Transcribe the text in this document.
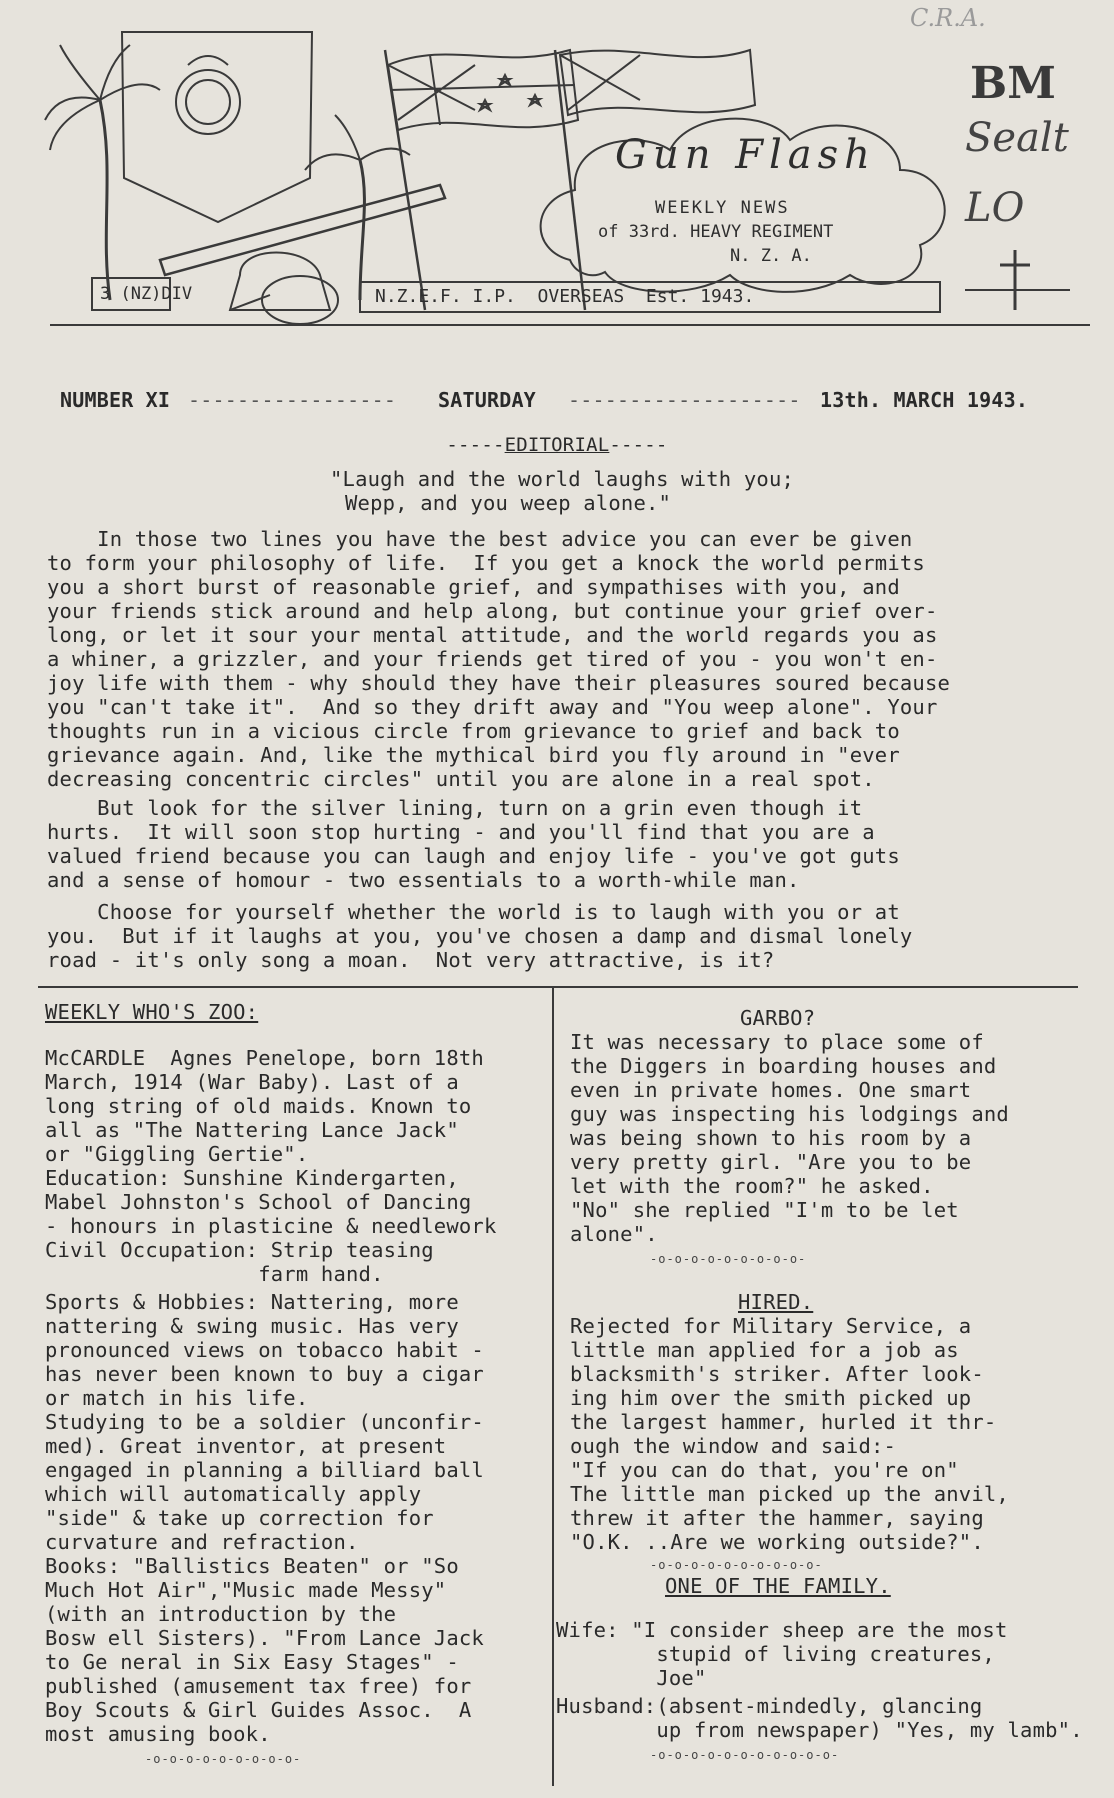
Gun Flash
WEEKLY NEWS
of 33rd. HEAVY REGIMENT
N. Z. A.
3 (NZ)DIV	N.Z.E.F. I.P.  OVERSEAS  Est. 1943.
C.R.A.
BM
Sealt
LO
NUMBER XI ----------------- SATURDAY ------------------- 13th. MARCH 1943.
-----EDITORIAL-----
"Laugh and the world laughs with you;
Wepp, and you weep alone."
In those two lines you have the best advice you can ever be given
to form your philosophy of life.  If you get a knock the world permits
you a short burst of reasonable grief, and sympathises with you, and
your friends stick around and help along, but continue your grief over-
long, or let it sour your mental attitude, and the world regards you as
a whiner, a grizzler, and your friends get tired of you - you won't en-
joy life with them - why should they have their pleasures soured because
you "can't take it".  And so they drift away and "You weep alone". Your
thoughts run in a vicious circle from grievance to grief and back to
grievance again. And, like the mythical bird you fly around in "ever
decreasing concentric circles" until you are alone in a real spot.
But look for the silver lining, turn on a grin even though it
hurts.  It will soon stop hurting - and you'll find that you are a
valued friend because you can laugh and enjoy life - you've got guts
and a sense of homour - two essentials to a worth-while man.
Choose for yourself whether the world is to laugh with you or at
you.  But if it laughs at you, you've chosen a damp and dismal lonely
road - it's only song a moan.  Not very attractive, is it?
WEEKLY WHO'S ZOO:
McCARDLE  Agnes Penelope, born 18th
March, 1914 (War Baby). Last of a
long string of old maids. Known to
all as "The Nattering Lance Jack"
or "Giggling Gertie".
Education: Sunshine Kindergarten,
Mabel Johnston's School of Dancing
- honours in plasticine & needlework
Civil Occupation: Strip teasing
farm hand.
Sports & Hobbies: Nattering, more
nattering & swing music. Has very
pronounced views on tobacco habit -
has never been known to buy a cigar
or match in his life.
Studying to be a soldier (unconfir-
med). Great inventor, at present
engaged in planning a billiard ball
which will automatically apply
"side" & take up correction for
curvature and refraction.
Books: "Ballistics Beaten" or "So
Much Hot Air","Music made Messy"
(with an introduction by the
Bosw ell Sisters). "From Lance Jack
to Ge neral in Six Easy Stages" -
published (amusement tax free) for
Boy Scouts & Girl Guides Assoc.  A
most amusing book.
-o-o-o-o-o-o-o-o-o-
GARBO?
It was necessary to place some of
the Diggers in boarding houses and
even in private homes. One smart
guy was inspecting his lodgings and
was being shown to his room by a
very pretty girl. "Are you to be
let with the room?" he asked.
"No" she replied "I'm to be let
alone".
-o-o-o-o-o-o-o-o-o-
HIRED.
Rejected for Military Service, a
little man applied for a job as
blacksmith's striker. After look-
ing him over the smith picked up
the largest hammer, hurled it thr-
ough the window and said:-
"If you can do that, you're on"
The little man picked up the anvil,
threw it after the hammer, saying
"O.K. ..Are we working outside?".
-o-o-o-o-o-o-o-o-o-o-
ONE OF THE FAMILY.
Wife: "I consider sheep are the most
stupid of living creatures,
Joe"
Husband:(absent-mindedly, glancing
up from newspaper) "Yes, my lamb".
-o-o-o-o-o-o-o-o-o-o-o-
